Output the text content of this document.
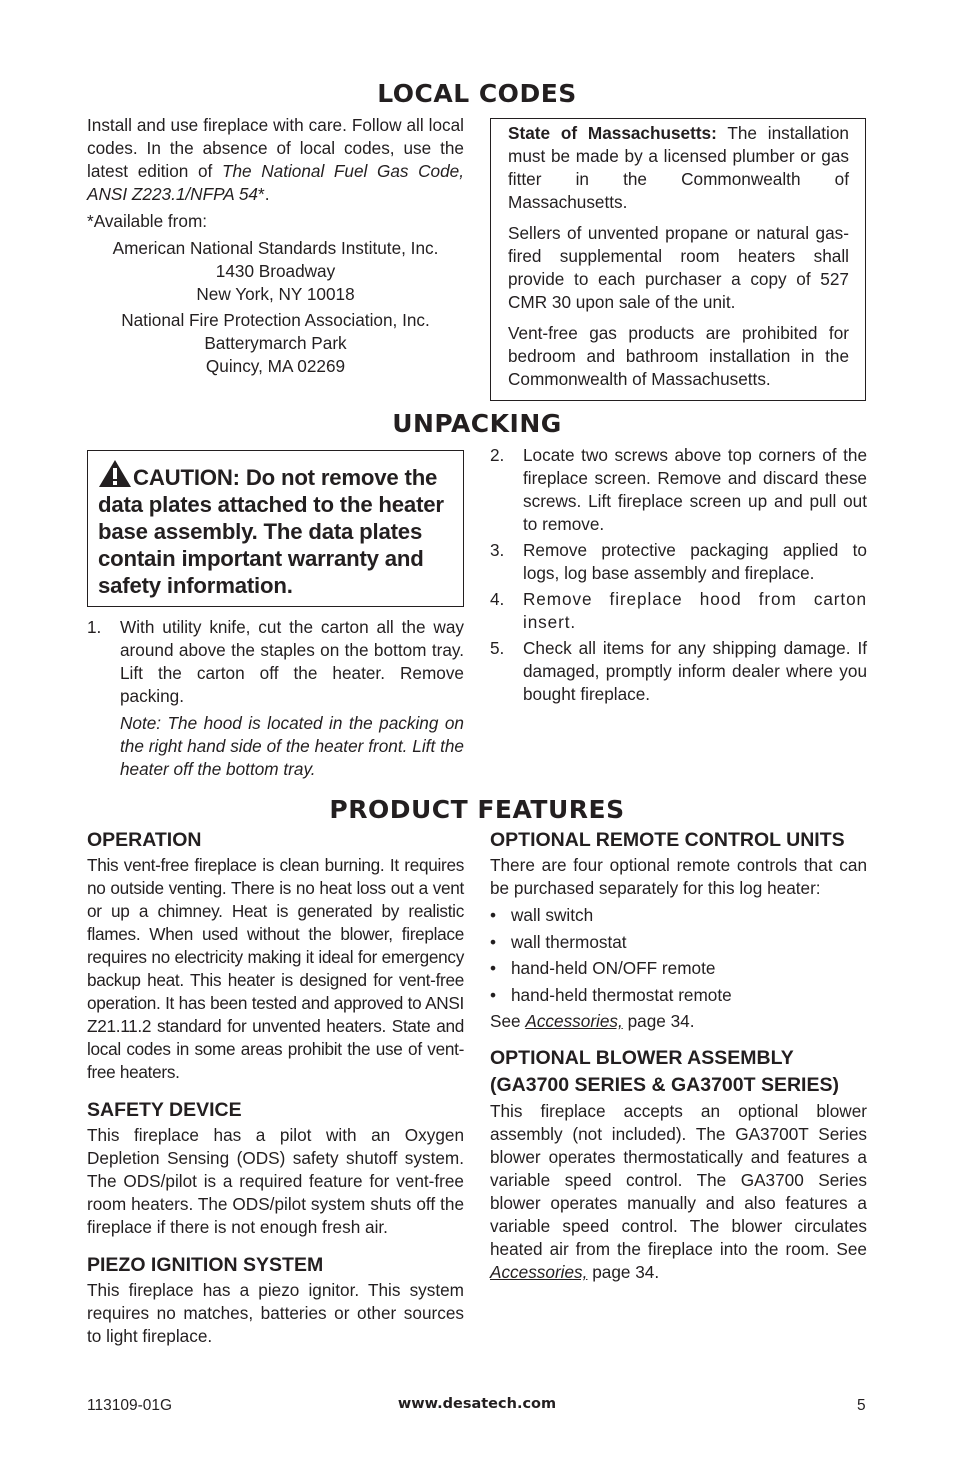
LOCAL CODES

Install and use fireplace with care. Follow all local codes. In the absence of local codes, use the latest edition of The National Fuel Gas Code, ANSI Z223.1/NFPA 54*.

*Available from:

American National Standards Institute, Inc.

1430 Broadway

New York, NY 10018

National Fire Protection Association, Inc.

Batterymarch Park

Quincy, MA 02269

State of Massachusetts: The installation must be made by a licensed plumber or gas fitter in the Commonwealth of Massachusetts.

Sellers of unvented propane or natural gas-fired supplemental room heaters shall provide to each purchaser a copy of 527 CMR 30 upon sale of the unit.

Vent-free gas products are prohibited for bedroom and bathroom installation in the Commonwealth of Massachusetts.

UNPACKING
CAUTION: Do not remove the data plates attached to the heater base assembly. The data plates contain important warranty and safety information.
1. With utility knife, cut the carton all the way around above the staples on the bottom tray. Lift the carton off the heater. Remove packing.

Note: The hood is located in the packing on the right hand side of the heater front. Lift the heater off the bottom tray.

2. Locate two screws above top corners of the fireplace screen. Remove and discard these screws. Lift fireplace screen up and pull out to remove.

3. Remove protective packaging applied to logs, log base assembly and fireplace.

4. Remove fireplace hood from carton insert.

5. Check all items for any shipping damage. If damaged, promptly inform dealer where you bought fireplace.

PRODUCT FEATURES
OPERATION

This vent-free fireplace is clean burning. It requires no outside venting. There is no heat loss out a vent or up a chimney. Heat is generated by realistic flames. When used without the blower, fireplace requires no electricity making it ideal for emergency backup heat. This heater is designed for vent-free operation. It has been tested and approved to ANSI Z21.11.2 standard for unvented heaters. State and local codes in some areas prohibit the use of vent-free heaters.

SAFETY DEVICE

This fireplace has a pilot with an Oxygen Depletion Sensing (ODS) safety shutoff system. The ODS/pilot is a required feature for vent-free room heaters. The ODS/pilot system shuts off the fireplace if there is not enough fresh air.

PIEZO IGNITION SYSTEM

This fireplace has a piezo ignitor. This system requires no matches, batteries or other sources to light fireplace.

OPTIONAL REMOTE CONTROL UNITS

There are four optional remote controls that can be purchased separately for this log heater:

• wall switch
• wall thermostat
• hand-held ON/OFF remote
• hand-held thermostat remote

See Accessories, page 34.

OPTIONAL BLOWER ASSEMBLY (GA3700 SERIES & GA3700T SERIES)

This fireplace accepts an optional blower assembly (not included). The GA3700T Series blower operates thermostatically and features a variable speed control. The GA3700 Series blower operates manually and also features a variable speed control. The blower circulates heated air from the fireplace into the room. See Accessories, page 34.

113109-01G	www.desatech.com	5
